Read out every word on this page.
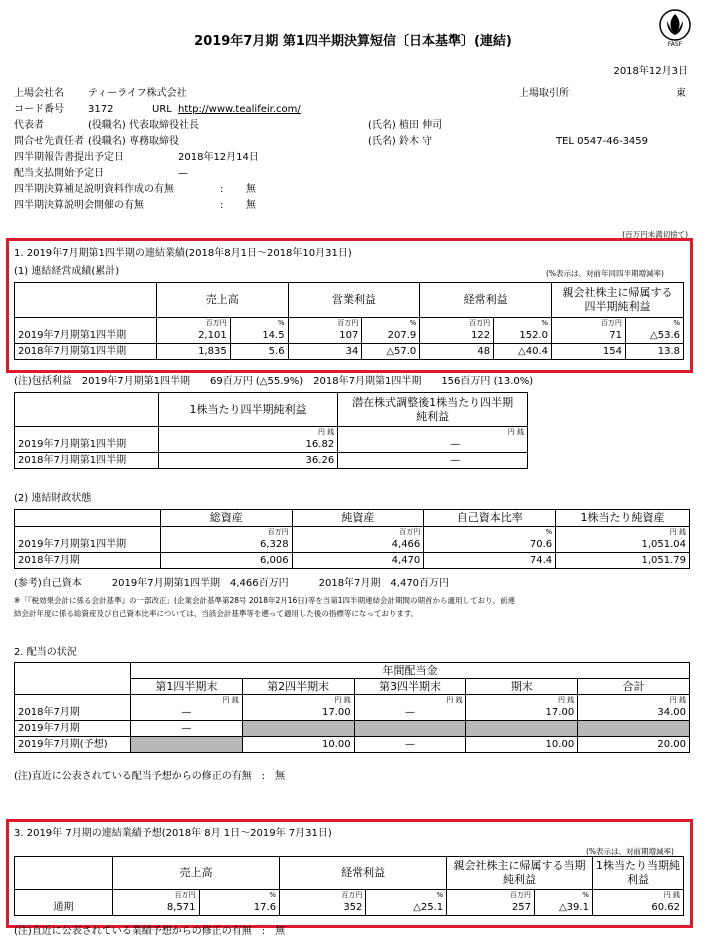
2019年7月期 第1四半期決算短信〔日本基準〕(連結)	FASF
2018年12月3日
上場会社名 ティーライフ株式会社	上場取引所	東
コード番号 3172	URL http://www.tealifeir.com/
代表者	(役職名) 代表取締役社長	(氏名) 植田 伸司
問合せ先責任者 (役職名) 専務取締役	(氏名) 鈴木 守	TEL 0547-46-3459
四半期報告書提出予定日	2018年12月14日
配当支払開始予定日	—
四半期決算補足説明資料作成の有無	: 無
四半期決算説明会開催の有無	: 無
(百万円未満切捨て)
1. 2019年7月期第1四半期の連結業績(2018年8月1日～2018年10月31日)
(1) 連結経営成績(累計)	(%表示は、対前年同四半期増減率)
	売上高		営業利益		経常利益		親会社株主に帰属する
四半期純利益	
	百万円	%	百万円	%	百万円	%	百万円	%
2019年7月期第1四半期	2,101	14.5	107	207.9	122	152.0	71	△53.6
2018年7月期第1四半期	1,835	5.6	34	△57.0	48	△40.4	154	13.8
(注)包括利益　2019年7月期第1四半期　　69百万円 (△55.9%)　2018年7月期第1四半期　　156百万円 (13.0%)
	1株当たり四半期純利益	潜在株式調整後1株当たり四半期
純利益
	円 銭	円 銭
2019年7月期第1四半期	16.82	—
2018年7月期第1四半期	36.26	—
(2) 連結財政状態
	総資産	純資産	自己資本比率	1株当たり純資産
	百万円	百万円	%	円 銭
2019年7月期第1四半期	6,328	4,466	70.6	1,051.04
2018年7月期	6,006	4,470	74.4	1,051.79
(参考)自己資本　　　2019年7月期第1四半期　4,466百万円　　　2018年7月期　4,470百万円
※「『税効果会計に係る会計基準』の一部改正」(企業会計基準第28号 2018年2月16日)等を当第1四半期連結会計期間の期首から適用しており、前連
結会計年度に係る総資産及び自己資本比率については、当該会計基準等を遡って適用した後の指標等になっております。
2. 配当の状況
	年間配当金				
	第1四半期末	第2四半期末	第3四半期末	期末	合計
	円 銭	円 銭	円 銭	円 銭	円 銭
2018年7月期	—	17.00	—	17.00	34.00
2019年7月期	—				
2019年7月期(予想)		10.00	—	10.00	20.00
(注)直近に公表されている配当予想からの修正の有無　:　無
3. 2019年 7月期の連結業績予想(2018年 8月 1日～2019年 7月31日)
(%表示は、対前期増減率)
	売上高		経常利益		親会社株主に帰属する当期
純利益		1株当たり当期純
利益
	百万円	%	百万円	%	百万円	%	円 銭
通期	8,571	17.6	352	△25.1	257	△39.1	60.62
(注)直近に公表されている業績予想からの修正の有無　:　無
